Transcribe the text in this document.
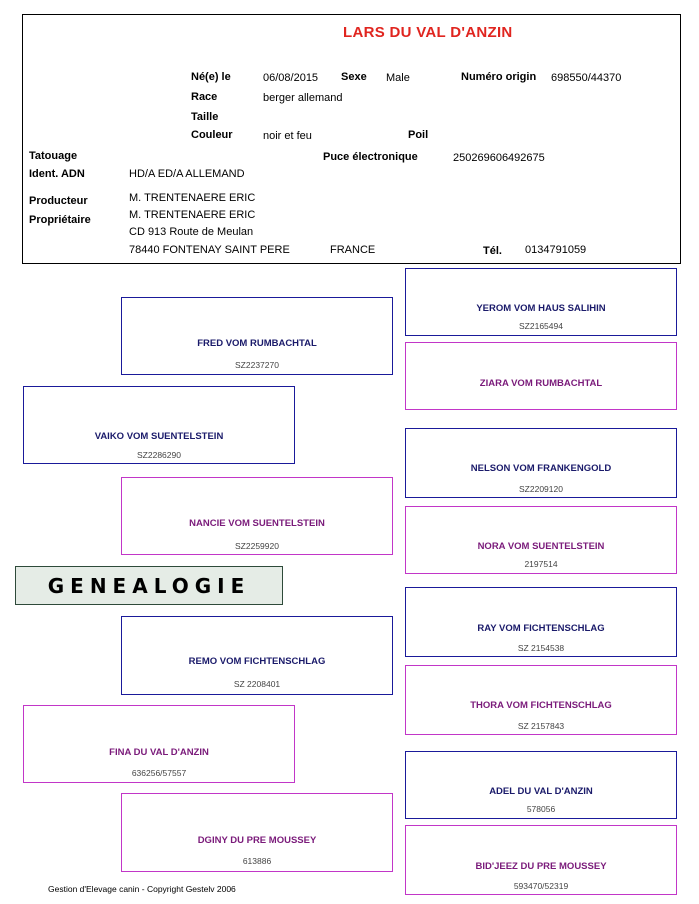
LARS DU VAL D'ANZIN
Né(e) le	06/08/2015 Sexe Male	Numéro origin 698550/44370
Race	berger allemand
Taille
Couleur	noir et feu	Poil
Tatouage	Puce électronique	250269606492675
Ident. ADN	HD/A ED/A ALLEMAND
Producteur	M. TRENTENAERE ERIC
Propriétaire	M. TRENTENAERE ERIC
CD 913 Route de Meulan
78440 FONTENAY SAINT PERE	FRANCE	Tél. 0134791059
VAIKO VOM SUENTELSTEIN
SZ2286290
FINA DU VAL D'ANZIN
636256/57557
FRED VOM RUMBACHTAL
SZ2237270
NANCIE VOM SUENTELSTEIN
SZ2259920
REMO VOM FICHTENSCHLAG
SZ 2208401
DGINY DU PRE MOUSSEY
613886
YEROM VOM HAUS SALIHIN
SZ2165494
ZIARA VOM RUMBACHTAL
NELSON VOM FRANKENGOLD
SZ2209120
NORA VOM SUENTELSTEIN
2197514
RAY VOM FICHTENSCHLAG
SZ 2154538
THORA VOM FICHTENSCHLAG
SZ 2157843
ADEL DU VAL D'ANZIN
578056
BID'JEEZ DU PRE MOUSSEY
593470/52319
GENEALOGIE
Gestion d'Elevage canin - Copyright Gestelv 2006
